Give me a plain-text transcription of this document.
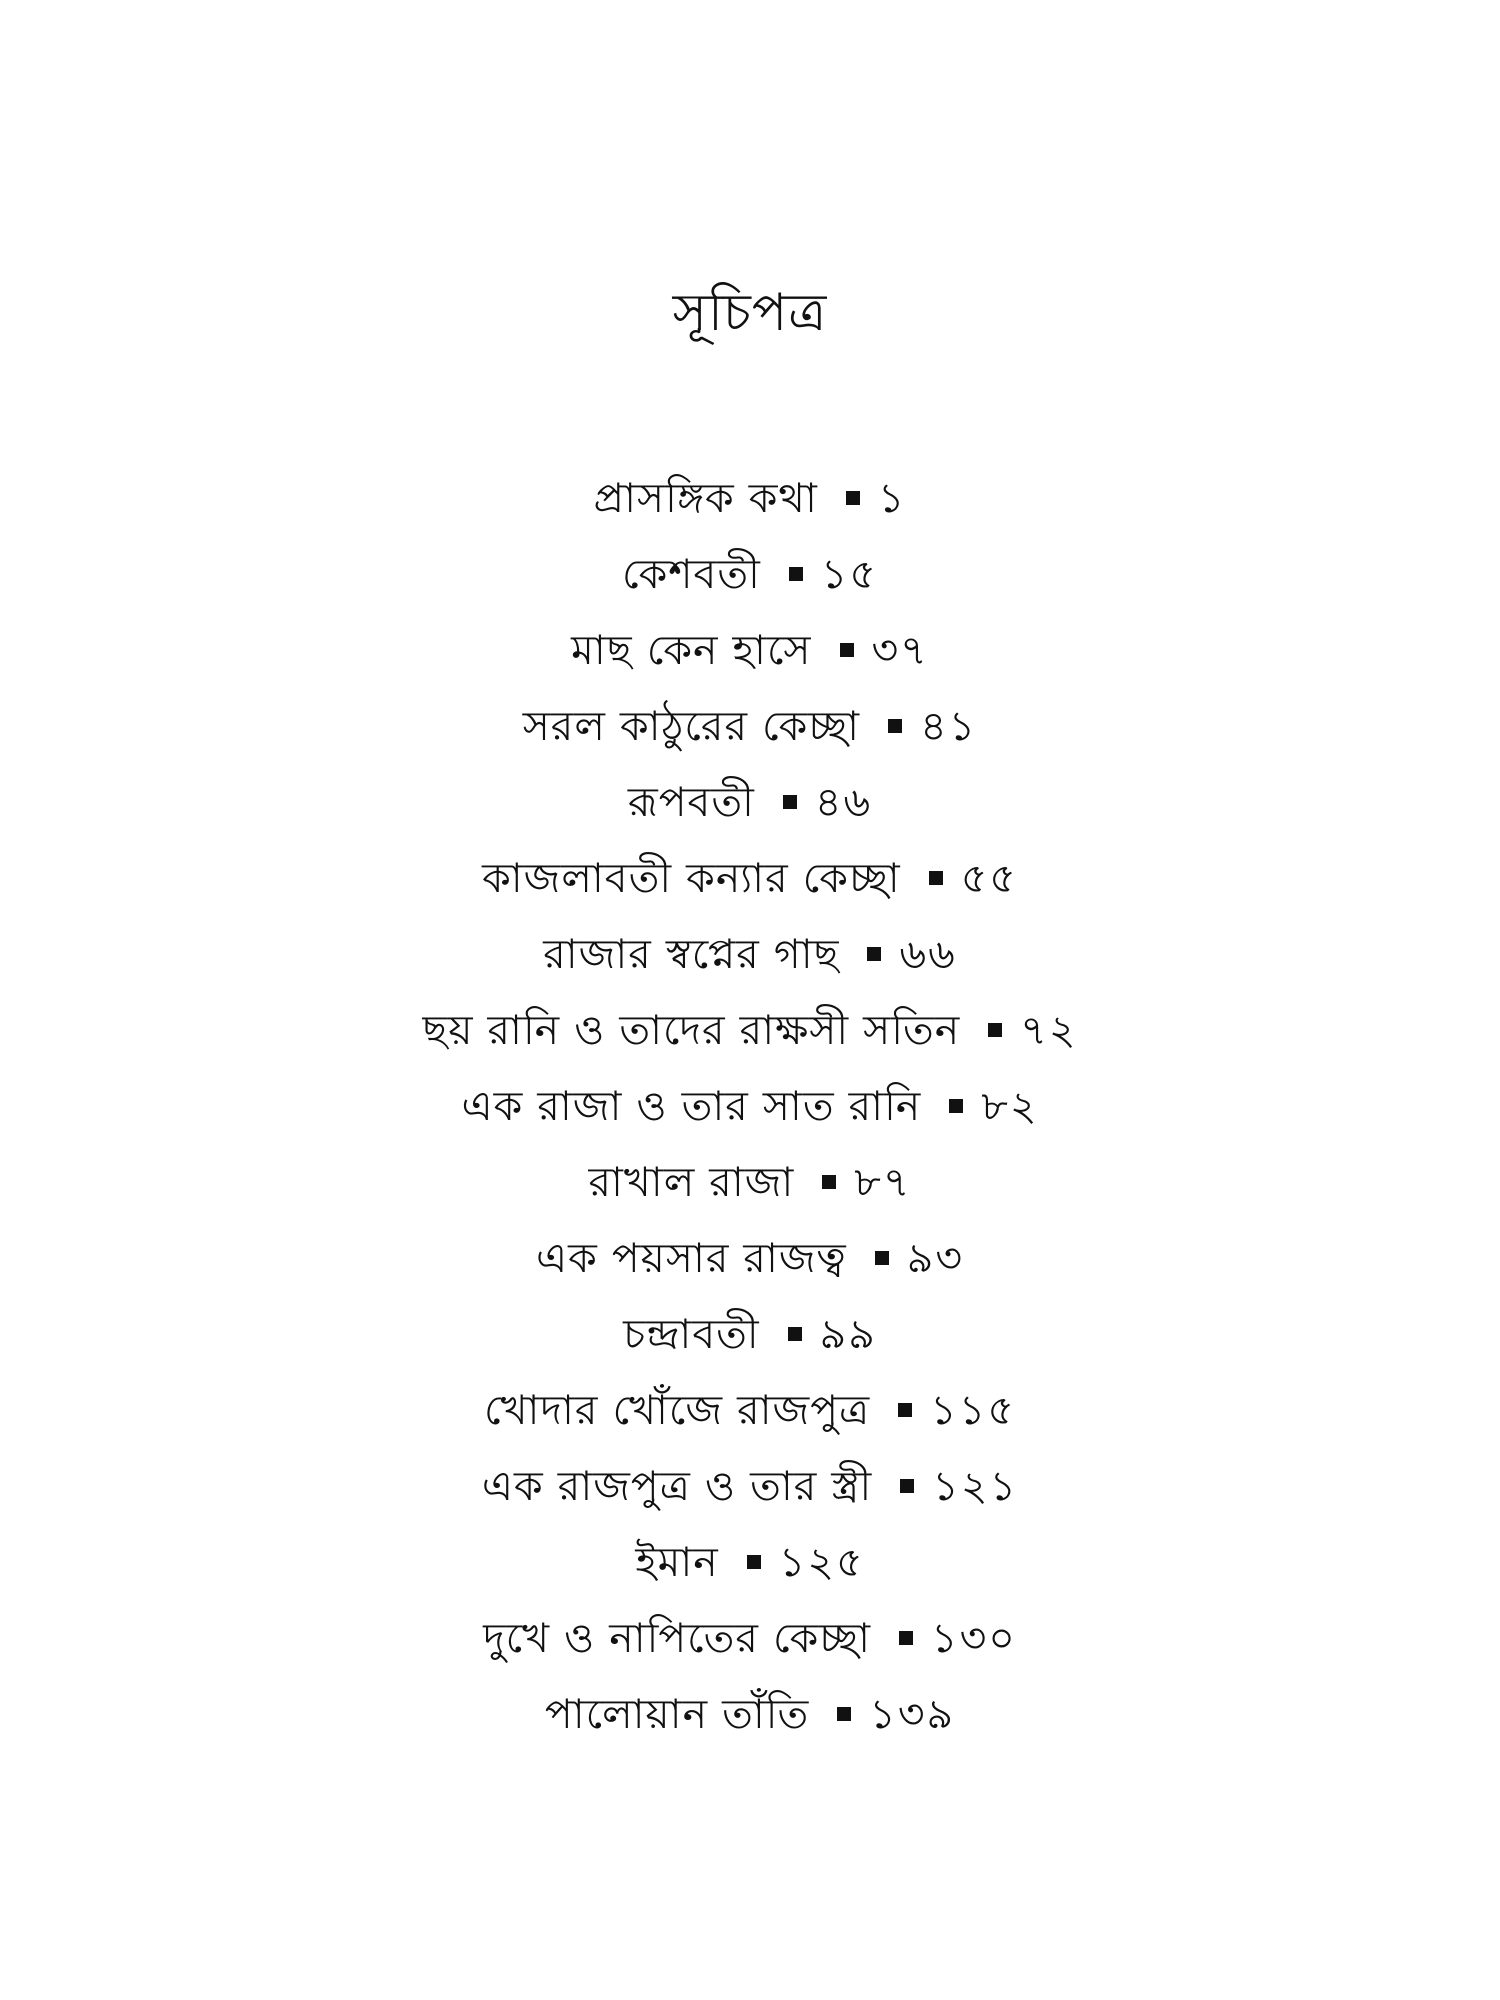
সূচিপত্র
প্রাসঙ্গিক কথা ১
কেশবতী ১৫
মাছ কেন হাসে ৩৭
সরল কাঠুরের কেচ্ছা ৪১
রূপবতী ৪৬
কাজলাবতী কন্যার কেচ্ছা ৫৫
রাজার স্বপ্নের গাছ ৬৬
ছয় রানি ও তাদের রাক্ষসী সতিন ৭২
এক রাজা ও তার সাত রানি ৮২
রাখাল রাজা ৮৭
এক পয়সার রাজত্ব ৯৩
চন্দ্রাবতী ৯৯
খোদার খোঁজে রাজপুত্র ১১৫
এক রাজপুত্র ও তার স্ত্রী ১২১
ইমান ১২৫
দুখে ও নাপিতের কেচ্ছা ১৩০
পালোয়ান তাঁতি ১৩৯
